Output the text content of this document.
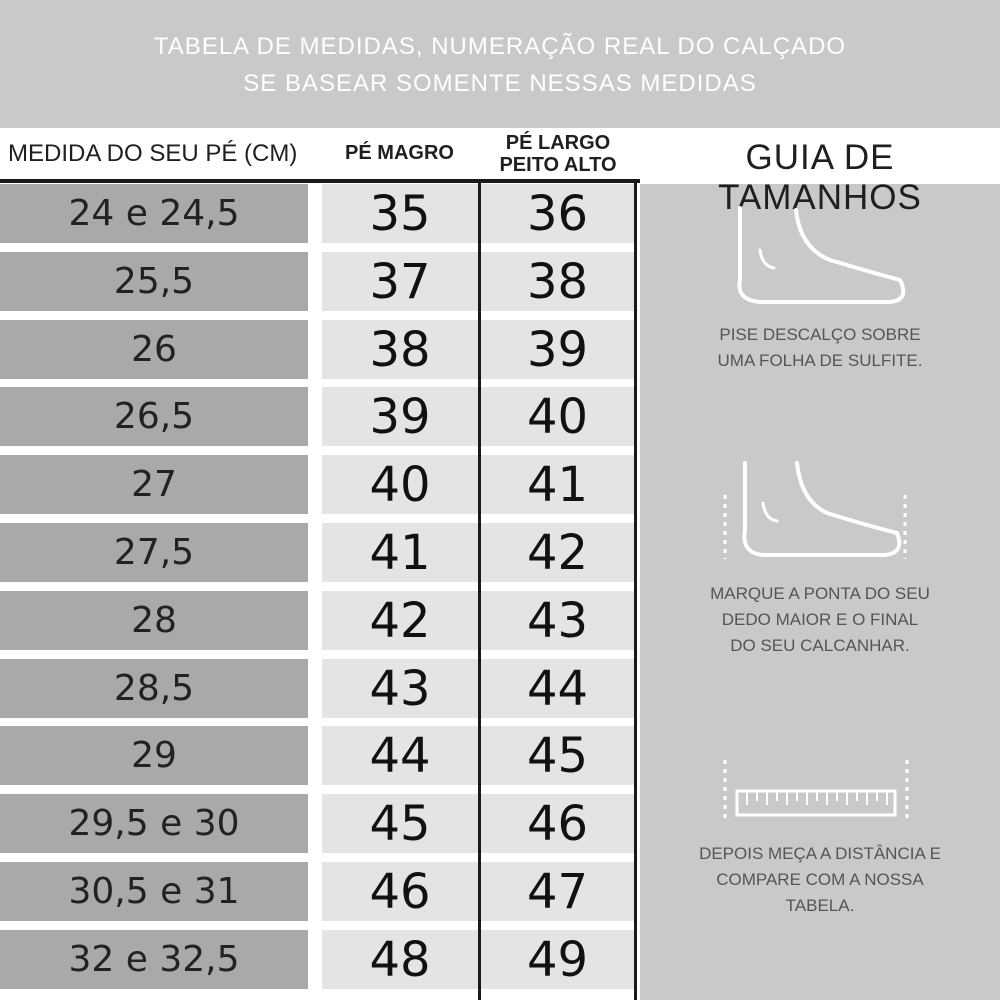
TABELA DE MEDIDAS, NUMERAÇÃO REAL DO CALÇADO
SE BASEAR SOMENTE NESSAS MEDIDAS
MEDIDA DO SEU PÉ (CM)	PÉ MAGRO	PÉ LARGO
PEITO ALTO
24 e 24,5	35	36
25,5	37	38
26	38	39
26,5	39	40
27	40	41
27,5	41	42
28	42	43
28,5	43	44
29	44	45
29,5 e 30	45	46
30,5 e 31	46	47
32 e 32,5	48	49
GUIA DE TAMANHOS
PISE DESCALÇO SOBRE
UMA FOLHA DE SULFITE.
MARQUE A PONTA DO SEU
DEDO MAIOR E O FINAL
DO SEU CALCANHAR.
DEPOIS MEÇA A DISTÂNCIA E
COMPARE COM A NOSSA
TABELA.
